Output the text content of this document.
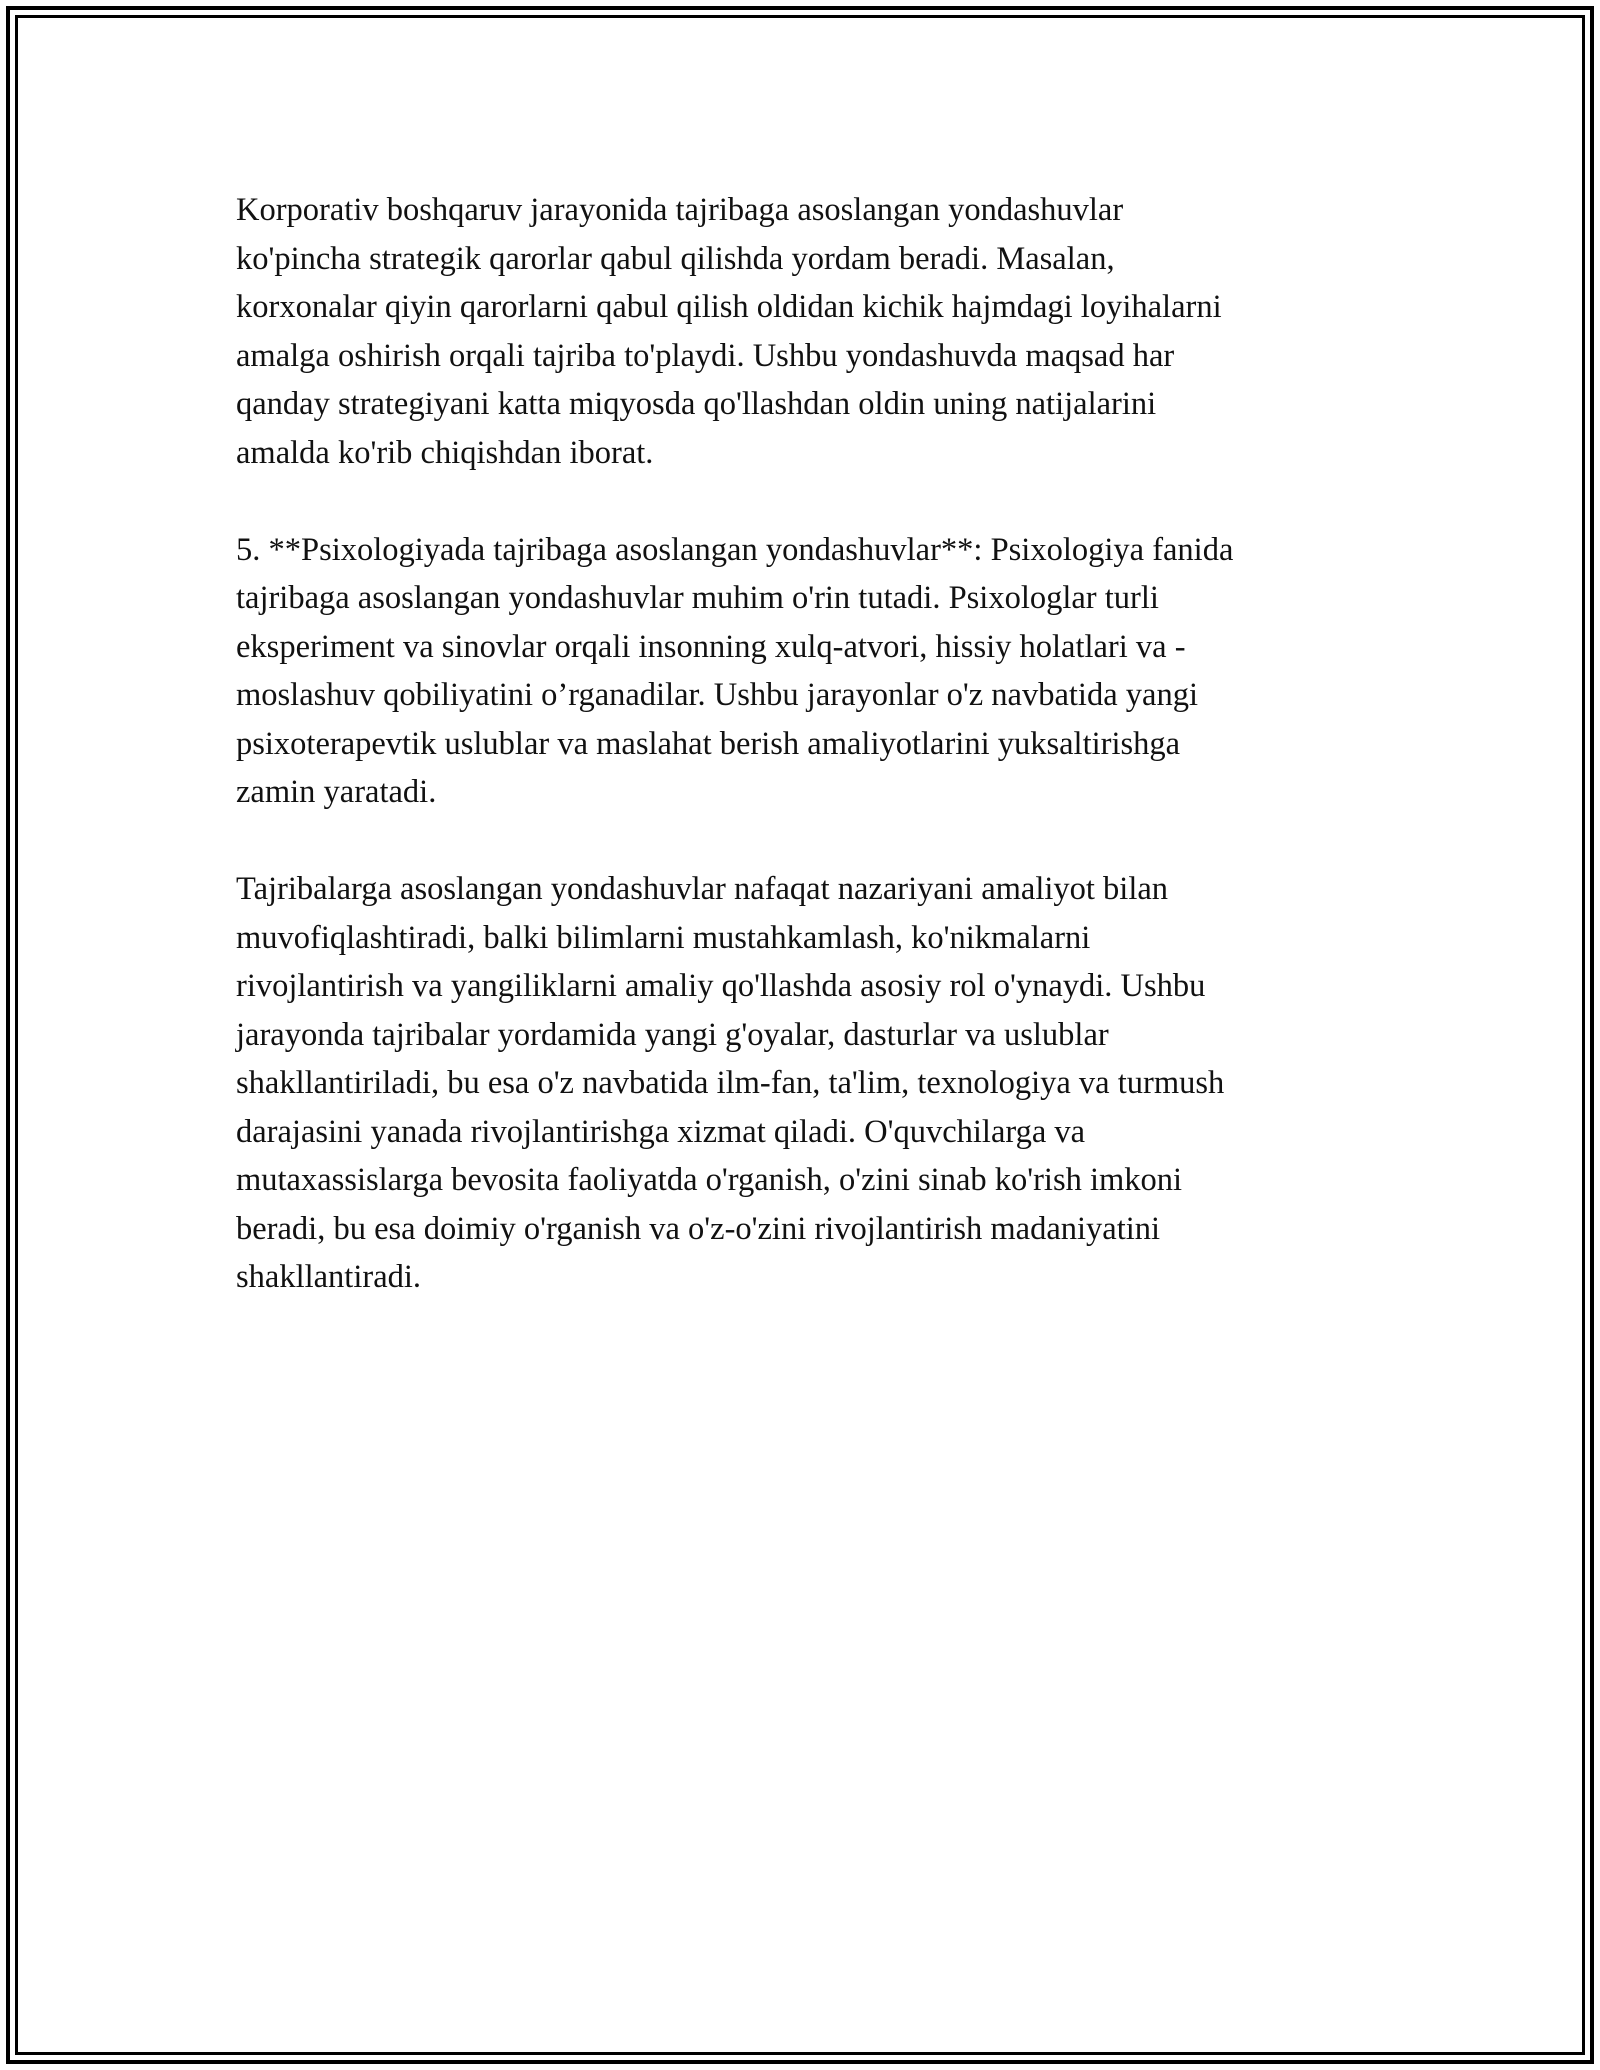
Korporativ boshqaruv jarayonida tajribaga asoslangan yondashuvlar
ko'pincha strategik qarorlar qabul qilishda yordam beradi. Masalan,
korxonalar qiyin qarorlarni qabul qilish oldidan kichik hajmdagi loyihalarni
amalga oshirish orqali tajriba to'playdi. Ushbu yondashuvda maqsad har
qanday strategiyani katta miqyosda qo'llashdan oldin uning natijalarini
amalda ko'rib chiqishdan iborat.

5. **Psixologiyada tajribaga asoslangan yondashuvlar**: Psixologiya fanida
tajribaga asoslangan yondashuvlar muhim o'rin tutadi. Psixologlar turli
eksperiment va sinovlar orqali insonning xulq-atvori, hissiy holatlari va -
moslashuv qobiliyatini o’rganadilar. Ushbu jarayonlar o'z navbatida yangi
psixoterapevtik uslublar va maslahat berish amaliyotlarini yuksaltirishga
zamin yaratadi.

Tajribalarga asoslangan yondashuvlar nafaqat nazariyani amaliyot bilan
muvofiqlashtiradi, balki bilimlarni mustahkamlash, ko'nikmalarni
rivojlantirish va yangiliklarni amaliy qo'llashda asosiy rol o'ynaydi. Ushbu
jarayonda tajribalar yordamida yangi g'oyalar, dasturlar va uslublar
shakllantiriladi, bu esa o'z navbatida ilm-fan, ta'lim, texnologiya va turmush
darajasini yanada rivojlantirishga xizmat qiladi. O'quvchilarga va
mutaxassislarga bevosita faoliyatda o'rganish, o'zini sinab ko'rish imkoni
beradi, bu esa doimiy o'rganish va o'z-o'zini rivojlantirish madaniyatini
shakllantiradi.
